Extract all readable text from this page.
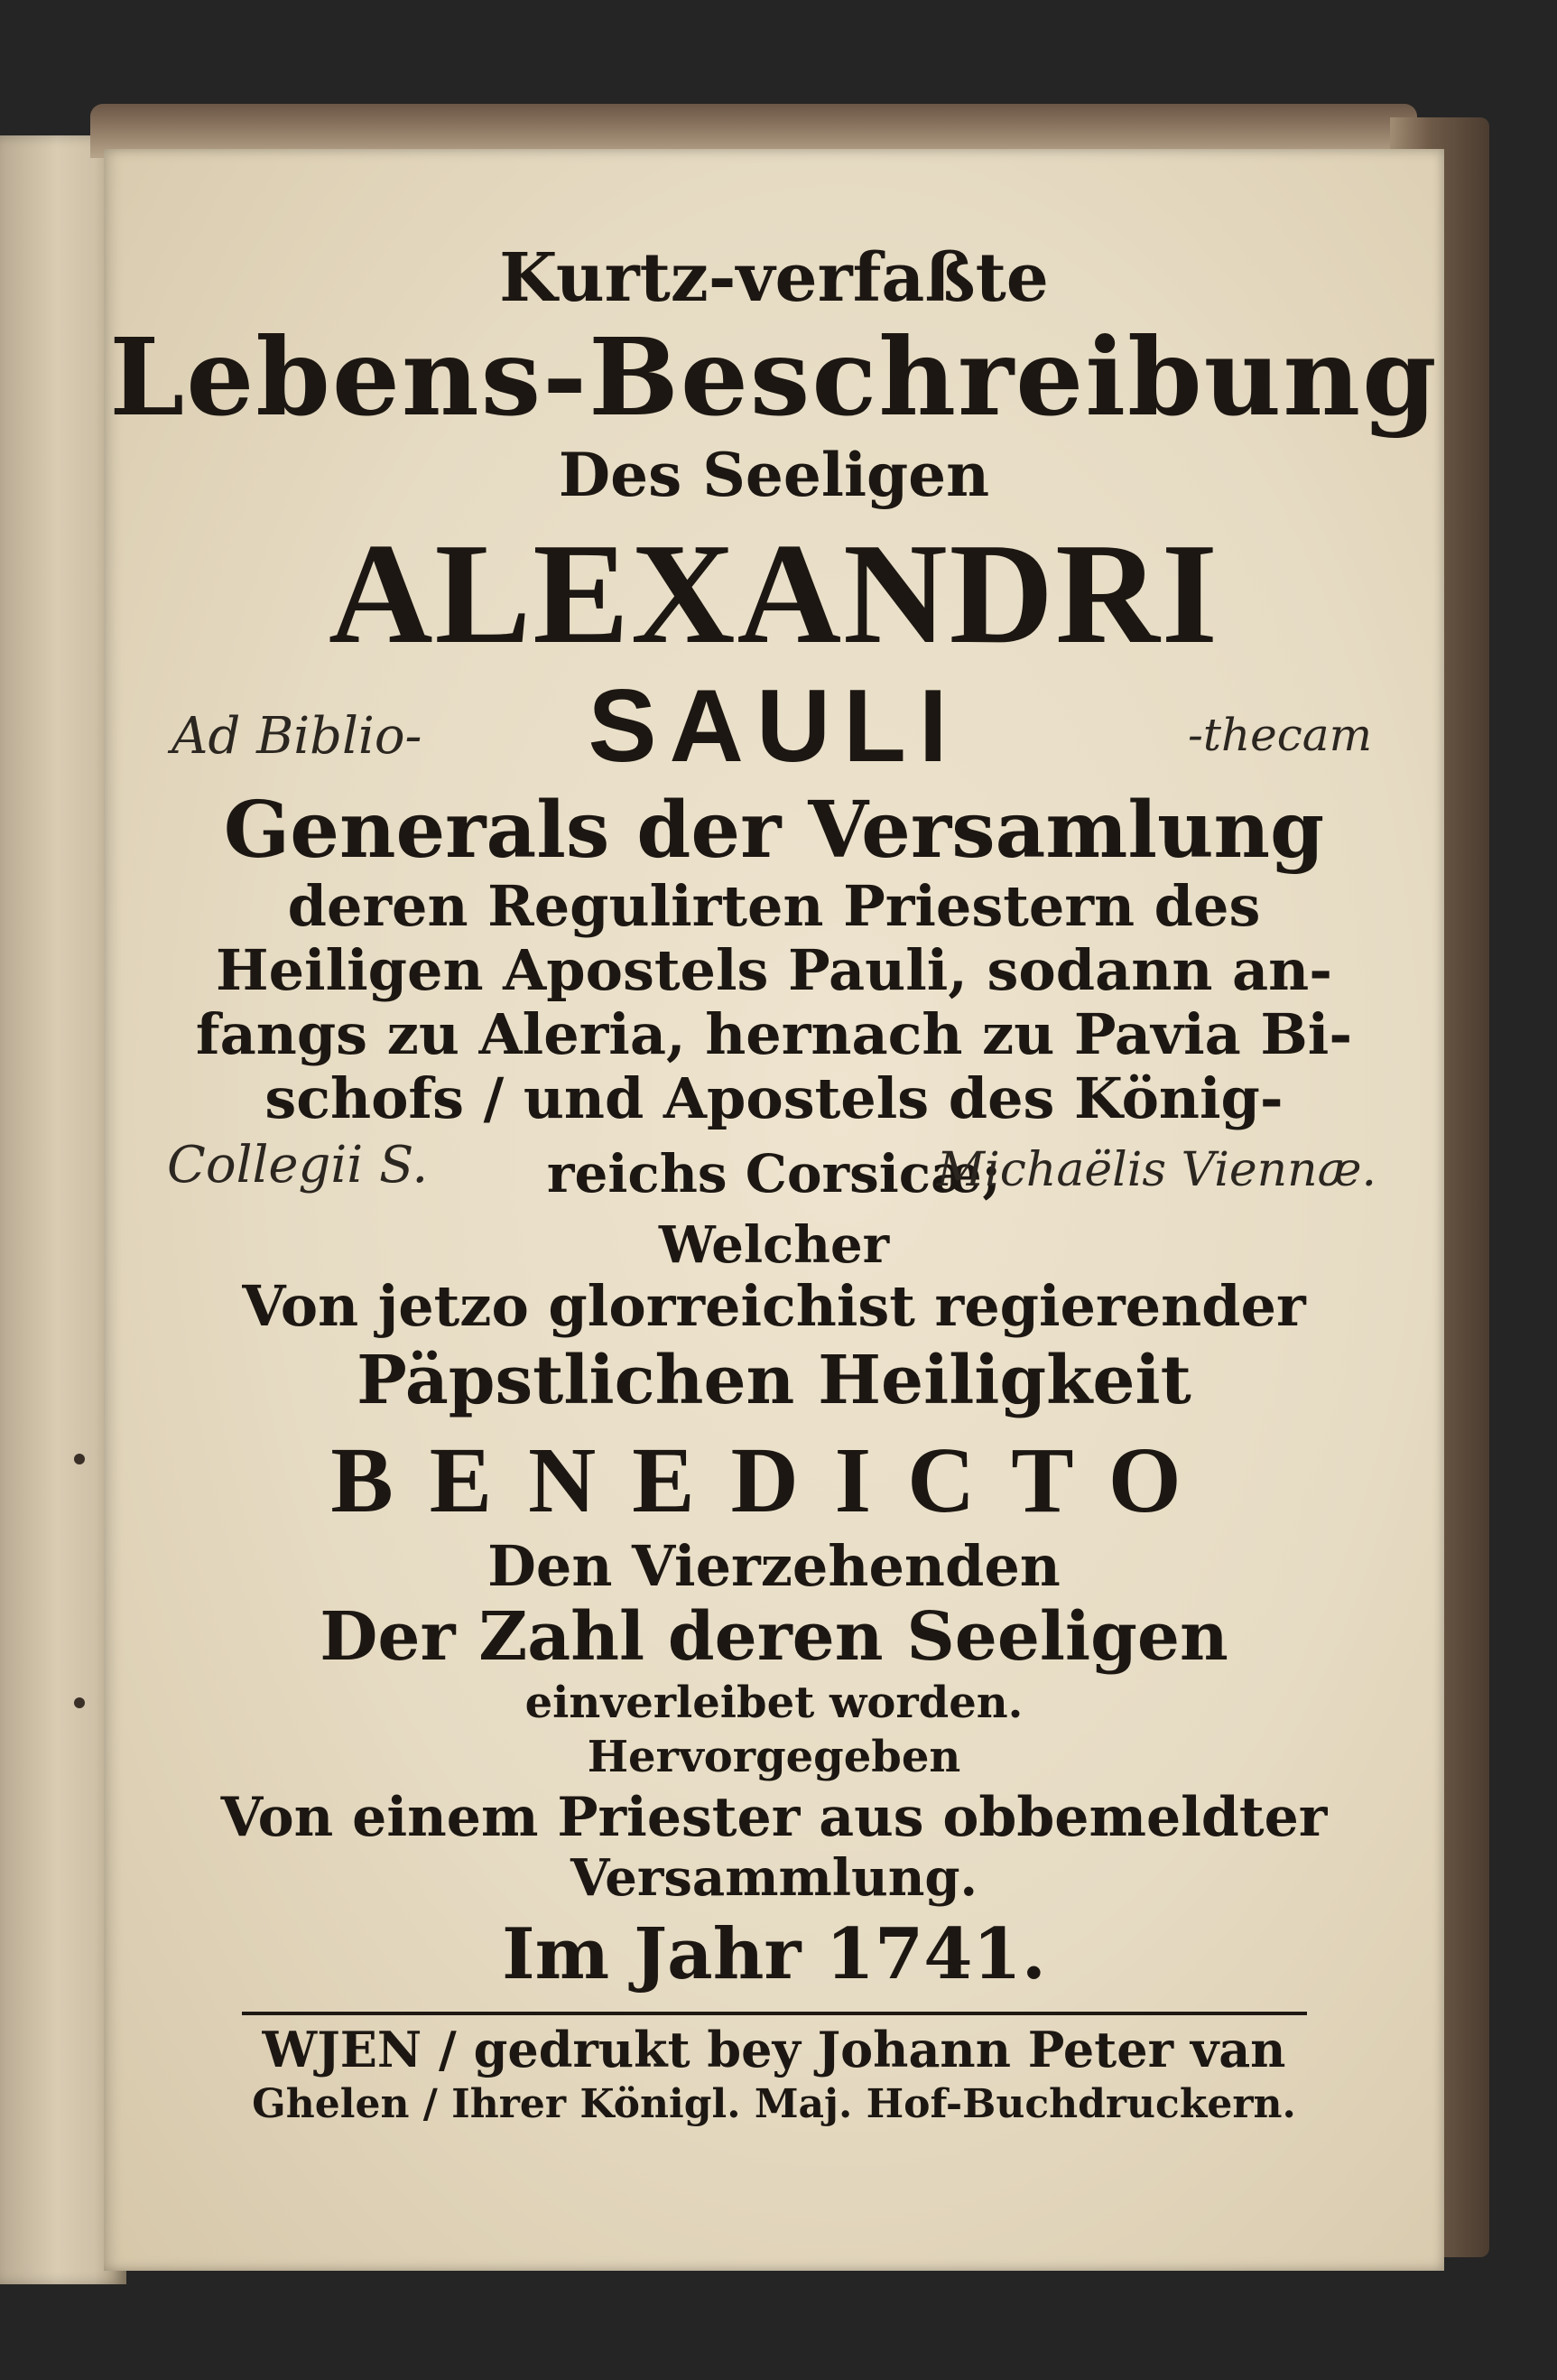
Kurtz-verfaßte
Lebens-Beschreibung
Des Seeligen
ALEXANDRI
Ad Biblio-	SAULI	-thecam
Generals der Versamlung
deren Regulirten Priestern des
Heiligen Apostels Pauli, sodann an-
fangs zu Aleria, hernach zu Pavia Bi-
schofs / und Apostels des König-
Collegii S.	reichs Corsicæ;
Michaëlis Viennæ.
Welcher
Von jetzo glorreichist regierender
Päpstlichen Heiligkeit
BENEDICTO
Den Vierzehenden
Der Zahl deren Seeligen
einverleibet worden.
Hervorgegeben
Von einem Priester aus obbemeldter
Versammlung.
Im Jahr 1741.
WJEN / gedrukt bey Johann Peter van
Ghelen / Ihrer Königl. Maj. Hof-Buchdruckern.
